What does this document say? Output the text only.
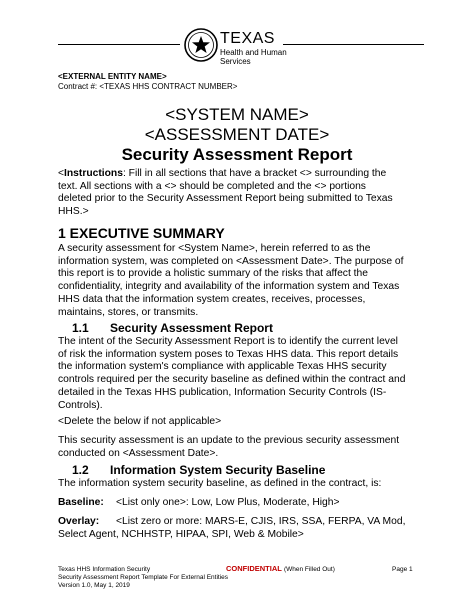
TEXAS
Health and Human
Services
<EXTERNAL ENTITY NAME>
Contract #: <TEXAS HHS CONTRACT NUMBER>
<SYSTEM NAME>
<ASSESSMENT DATE>
Security Assessment Report
<Instructions: Fill in all sections that have a bracket <> surrounding the
text. All sections with a <> should be completed and the <> portions
deleted prior to the Security Assessment Report being submitted to Texas
HHS.>
1 EXECUTIVE SUMMARY
A security assessment for <System Name>, herein referred to as the
information system, was completed on <Assessment Date>. The purpose of
this report is to provide a holistic summary of the risks that affect the
confidentiality, integrity and availability of the information system and Texas
HHS data that the information system creates, receives, processes,
maintains, stores, or transmits.
1.1 Security Assessment Report
The intent of the Security Assessment Report is to identify the current level
of risk the information system poses to Texas HHS data. This report details
the information system's compliance with applicable Texas HHS security
controls required per the security baseline as defined within the contract and
detailed in the Texas HHS publication, Information Security Controls (IS-
Controls).
<Delete the below if not applicable>
This security assessment is an update to the previous security assessment
conducted on <Assessment Date>.
1.2 Information System Security Baseline
The information system security baseline, as defined in the contract, is:
Baseline: <List only one>: Low, Low Plus, Moderate, High>
Overlay: <List zero or more: MARS-E, CJIS, IRS, SSA, FERPA, VA Mod,
Select Agent, NCHHSTP, HIPAA, SPI, Web & Mobile>
Texas HHS Information Security
Security Assessment Report Template For External Entities
Version 1.0, May 1, 2019
CONFIDENTIAL (When Filled Out)	Page 1
